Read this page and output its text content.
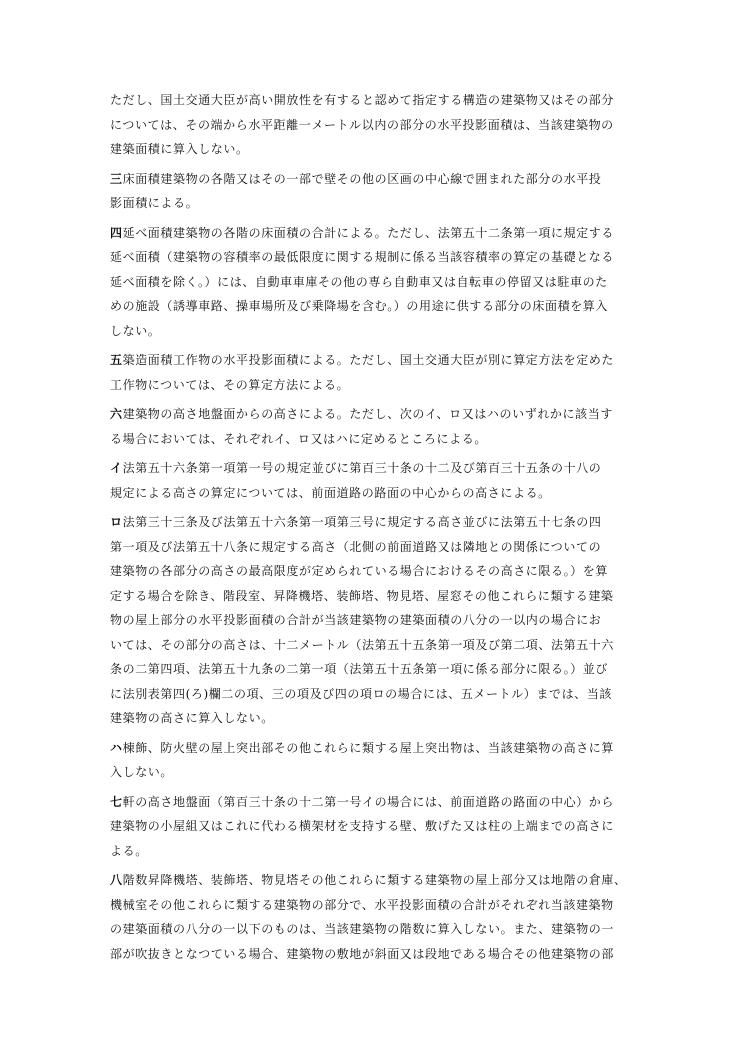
ただし、国土交通大臣が高い開放性を有すると認めて指定する構造の建築物又はその部分
については、その端から水平距離一メートル以内の部分の水平投影面積は、当該建築物の
建築面積に算入しない。
三床面積建築物の各階又はその一部で壁その他の区画の中心線で囲まれた部分の水平投
影面積による。
四延べ面積建築物の各階の床面積の合計による。ただし、法第五十二条第一項に規定する
延べ面積（建築物の容積率の最低限度に関する規制に係る当該容積率の算定の基礎となる
延べ面積を除く。）には、自動車車庫その他の専ら自動車又は自転車の停留又は駐車のた
めの施設（誘導車路、操車場所及び乗降場を含む。）の用途に供する部分の床面積を算入
しない。
五築造面積工作物の水平投影面積による。ただし、国土交通大臣が別に算定方法を定めた
工作物については、その算定方法による。
六建築物の高さ地盤面からの高さによる。ただし、次のイ、ロ又はハのいずれかに該当す
る場合においては、それぞれイ、ロ又はハに定めるところによる。
イ法第五十六条第一項第一号の規定並びに第百三十条の十二及び第百三十五条の十八の
規定による高さの算定については、前面道路の路面の中心からの高さによる。
ロ法第三十三条及び法第五十六条第一項第三号に規定する高さ並びに法第五十七条の四
第一項及び法第五十八条に規定する高さ（北側の前面道路又は隣地との関係についての
建築物の各部分の高さの最高限度が定められている場合におけるその高さに限る。）を算
定する場合を除き、階段室、昇降機塔、装飾塔、物見塔、屋窓その他これらに類する建築
物の屋上部分の水平投影面積の合計が当該建築物の建築面積の八分の一以内の場合にお
いては、その部分の高さは、十二メートル（法第五十五条第一項及び第二項、法第五十六
条の二第四項、法第五十九条の二第一項（法第五十五条第一項に係る部分に限る。）並び
に法別表第四(ろ)欄二の項、三の項及び四の項ロの場合には、五メートル）までは、当該
建築物の高さに算入しない。
ハ棟飾、防火壁の屋上突出部その他これらに類する屋上突出物は、当該建築物の高さに算
入しない。
七軒の高さ地盤面（第百三十条の十二第一号イの場合には、前面道路の路面の中心）から
建築物の小屋組又はこれに代わる横架材を支持する壁、敷げた又は柱の上端までの高さに
よる。
八階数昇降機塔、装飾塔、物見塔その他これらに類する建築物の屋上部分又は地階の倉庫、
機械室その他これらに類する建築物の部分で、水平投影面積の合計がそれぞれ当該建築物
の建築面積の八分の一以下のものは、当該建築物の階数に算入しない。また、建築物の一
部が吹抜きとなつている場合、建築物の敷地が斜面又は段地である場合その他建築物の部
